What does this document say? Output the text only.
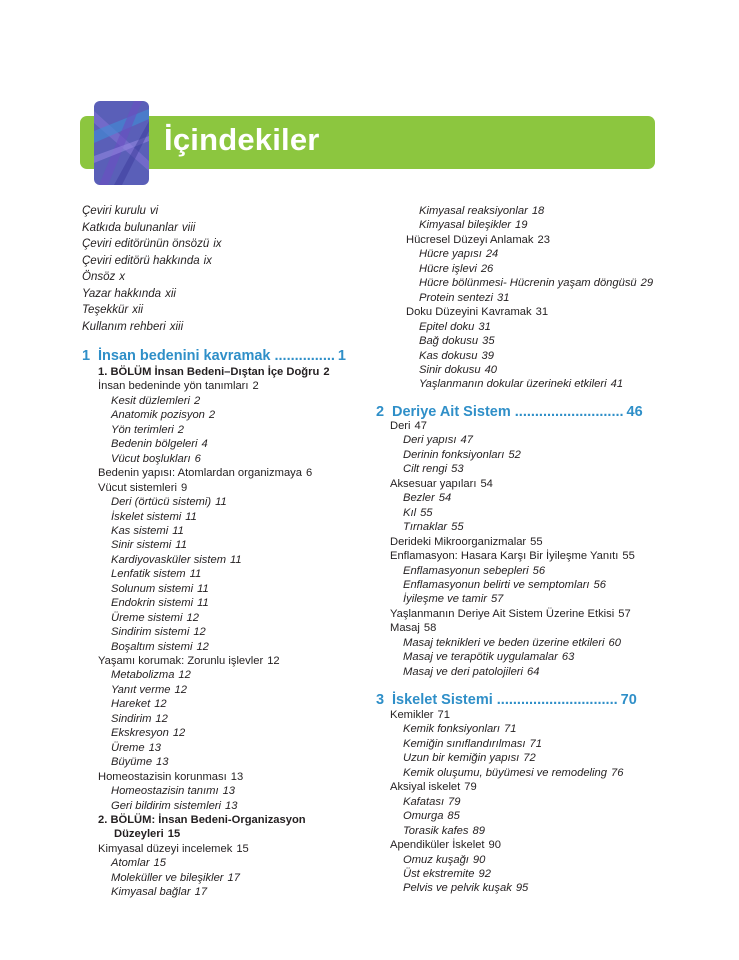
İçindekiler
Çeviri kurulu vi
Katkıda bulunanlar viii
Çeviri editörünün önsözü ix
Çeviri editörü hakkında ix
Önsöz x
Yazar hakkında xii
Teşekkür xii
Kullanım rehberi xiii
1 İnsan bedenini kavramak ............... 1
1. BÖLÜM İnsan Bedeni–Dıştan İçe Doğru 2
İnsan bedeninde yön tanımları 2
Kesit düzlemleri 2
Anatomik pozisyon 2
Yön terimleri 2
Bedenin bölgeleri 4
Vücut boşlukları 6
Bedenin yapısı: Atomlardan organizmaya 6
Vücut sistemleri 9
Deri (örtücü sistemi) 11
İskelet sistemi 11
Kas sistemi 11
Sinir sistemi 11
Kardiyovasküler sistem 11
Lenfatik sistem 11
Solunum sistemi 11
Endokrin sistemi 11
Üreme sistemi 12
Sindirim sistemi 12
Boşaltım sistemi 12
Yaşamı korumak: Zorunlu işlevler 12
Metabolizma 12
Yanıt verme 12
Hareket 12
Sindirim 12
Ekskresyon 12
Üreme 13
Büyüme 13
Homeostazisin korunması 13
Homeostazisin tanımı 13
Geri bildirim sistemleri 13
2. BÖLÜM: İnsan Bedeni-Organizasyon
Düzeyleri 15
Kimyasal düzeyi incelemek 15
Atomlar 15
Moleküller ve bileşikler 17
Kimyasal bağlar 17
Kimyasal reaksiyonlar 18
Kimyasal bileşikler 19
Hücresel Düzeyi Anlamak 23
Hücre yapısı 24
Hücre işlevi 26
Hücre bölünmesi- Hücrenin yaşam döngüsü 29
Protein sentezi 31
Doku Düzeyini Kavramak 31
Epitel doku 31
Bağ dokusu 35
Kas dokusu 39
Sinir dokusu 40
Yaşlanmanın dokular üzerineki etkileri 41
2 Deriye Ait Sistem ........................... 46
Deri 47
Deri yapısı 47
Derinin fonksiyonları 52
Cilt rengi 53
Aksesuar yapıları 54
Bezler 54
Kıl 55
Tırnaklar 55
Derideki Mikroorganizmalar 55
Enflamasyon: Hasara Karşı Bir İyileşme Yanıtı 55
Enflamasyonun sebepleri 56
Enflamasyonun belirti ve semptomları 56
İyileşme ve tamir 57
Yaşlanmanın Deriye Ait Sistem Üzerine Etkisi 57
Masaj 58
Masaj teknikleri ve beden üzerine etkileri 60
Masaj ve terapötik uygulamalar 63
Masaj ve deri patolojileri 64
3 İskelet Sistemi .............................. 70
Kemikler 71
Kemik fonksiyonları 71
Kemiğin sınıflandırılması 71
Uzun bir kemiğin yapısı 72
Kemik oluşumu, büyümesi ve remodeling 76
Aksiyal iskelet 79
Kafatası 79
Omurga 85
Torasik kafes 89
Apendiküler İskelet 90
Omuz kuşağı 90
Üst ekstremite 92
Pelvis ve pelvik kuşak 95
